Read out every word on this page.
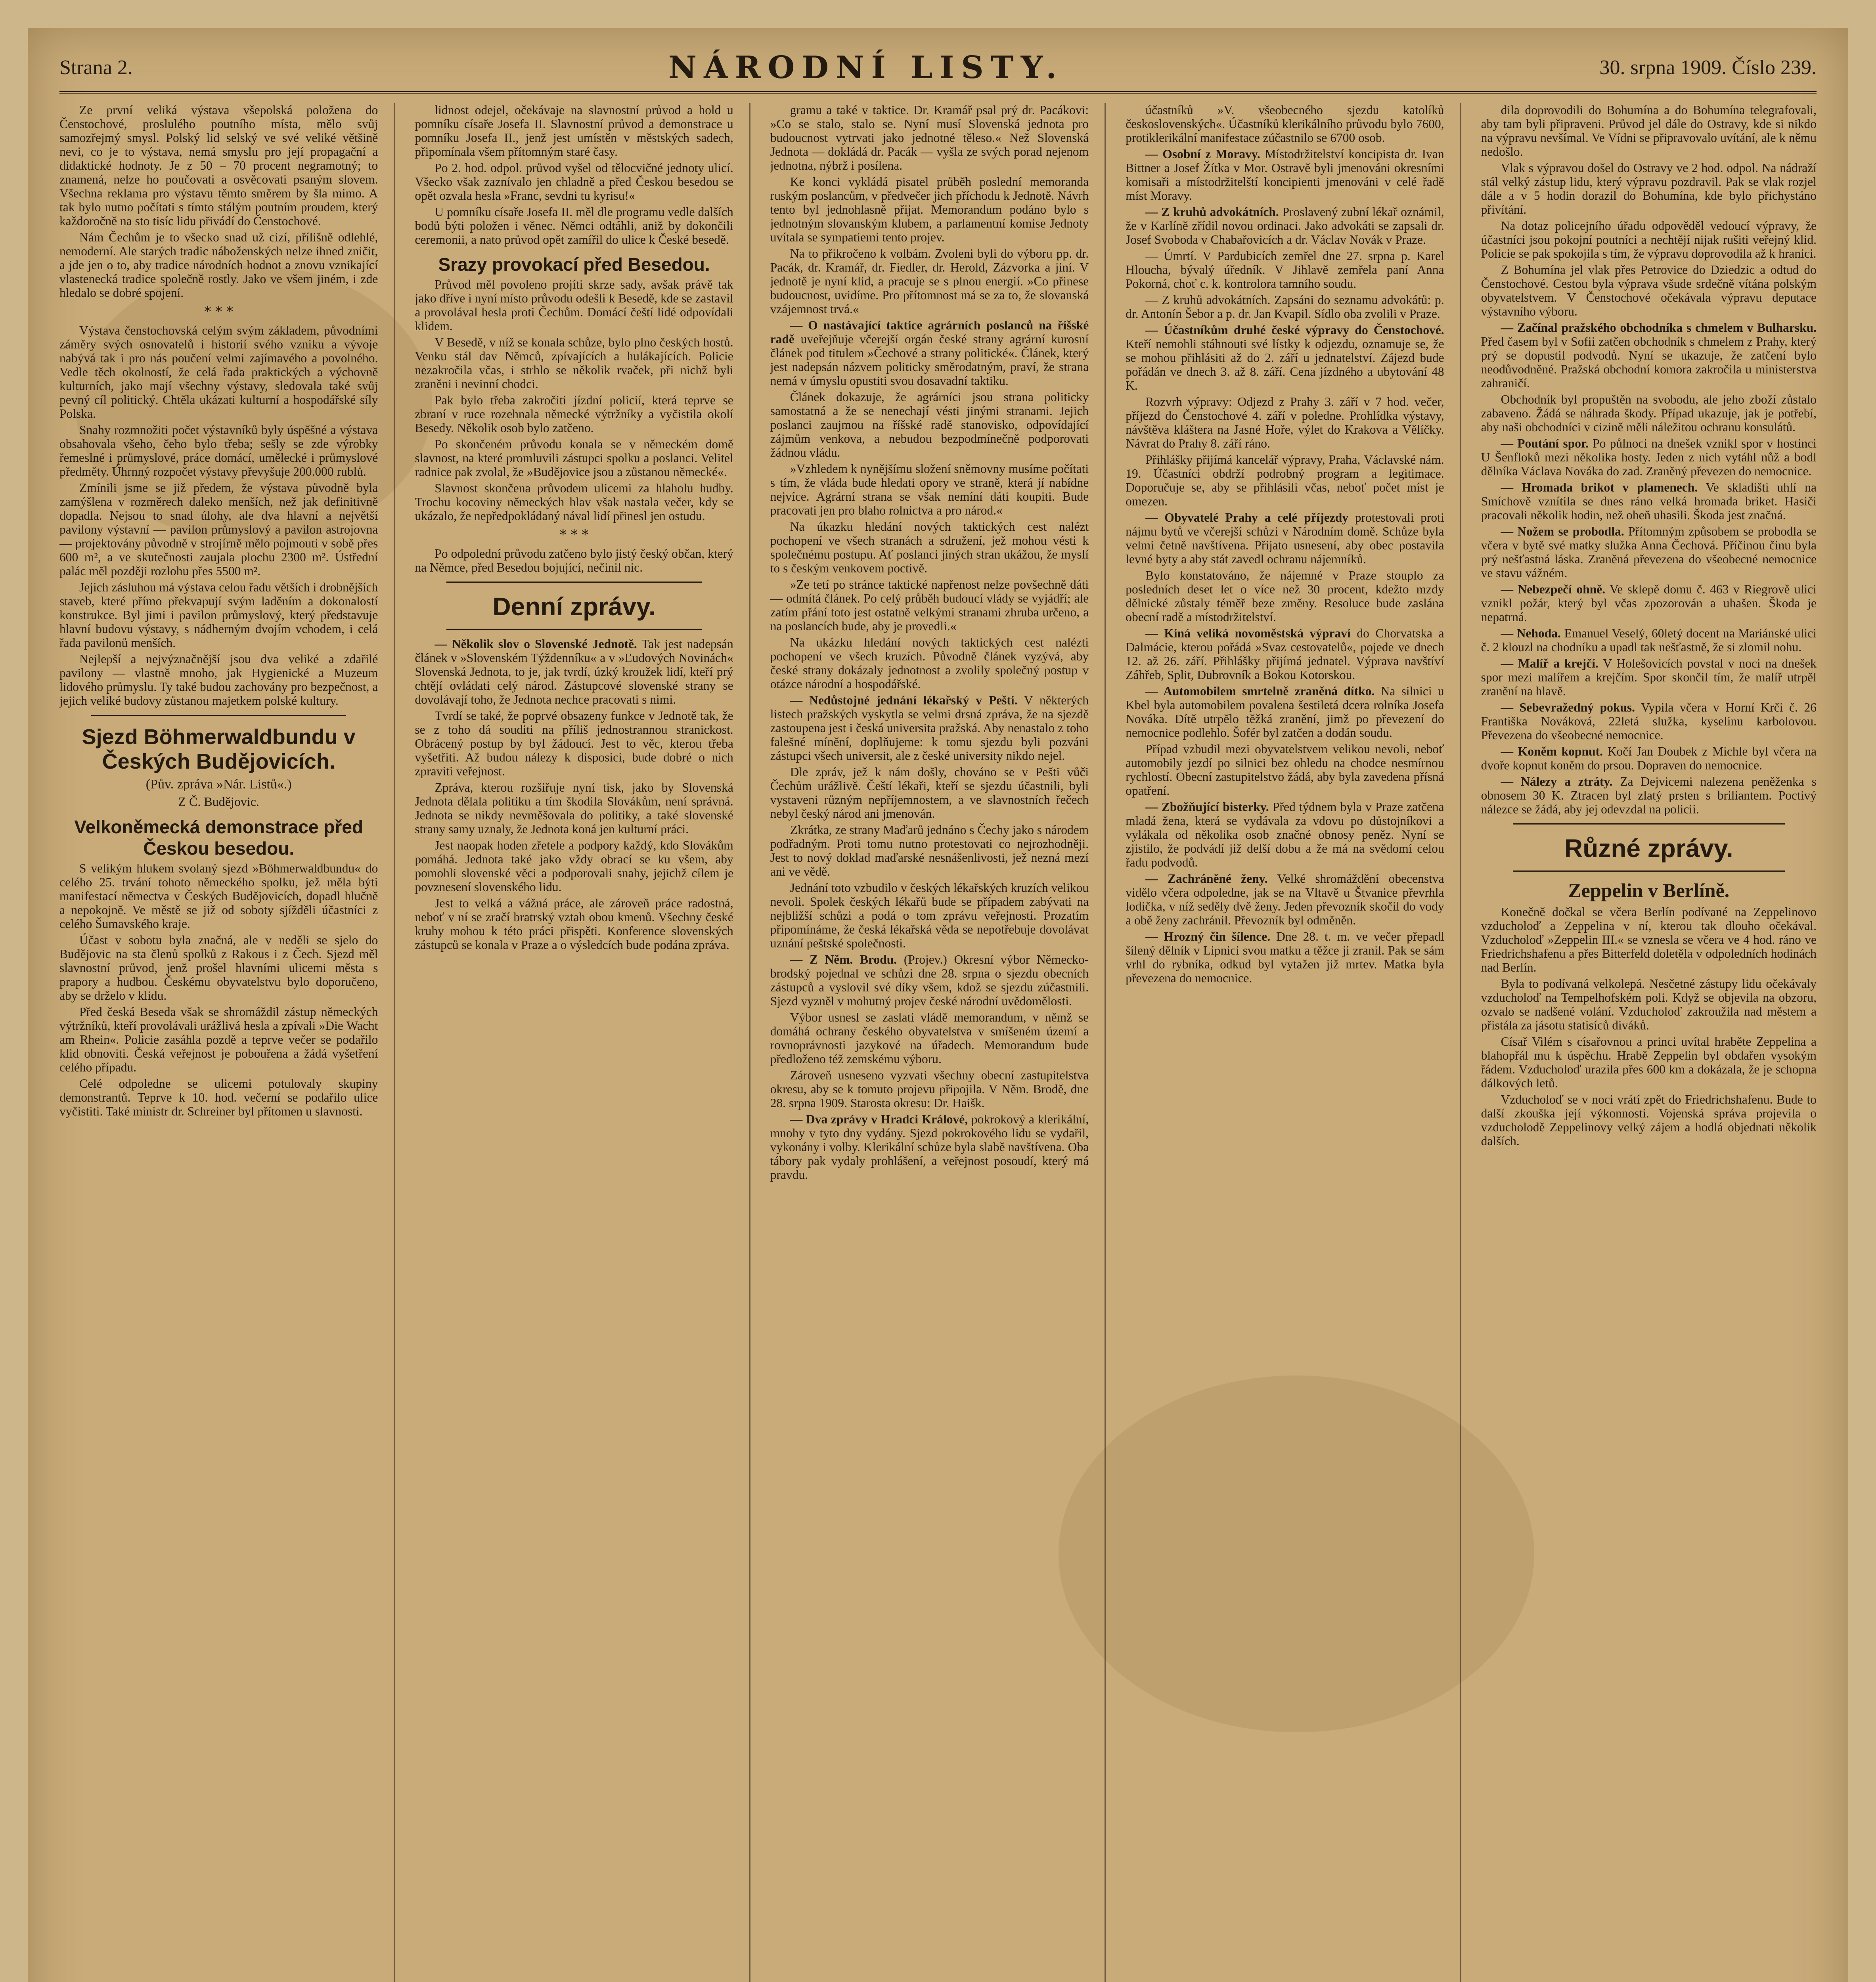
Strana 2.	NÁRODNÍ LISTY.	30. srpna 1909. Číslo 239.

Ze první veliká výstava všepolská položena do Čenstochové, proslulého poutního místa, mělo svůj samozřejmý smysl. Polský lid selský ve své veliké většině nevi, co je to výstava, nemá smyslu pro její propagační a didaktické hodnoty. Je z 50 – 70 procent negramotný; to znamená, nelze ho poučovati a osvěcovati psaným slovem. Všechna reklama pro výstavu těmto směrem by šla mimo. A tak bylo nutno počítati s tímto stálým poutním proudem, který každoročně na sto tisíc lidu přivádí do Čenstochové.

Nám Čechům je to všecko snad už cizí, přílišně odlehlé, nemoderní. Ale starých tradic náboženských nelze ihned zničit, a jde jen o to, aby tradice národních hodnot a znovu vznikající vlastenecká tradice společně rostly. Jako ve všem jiném, i zde hledalo se dobré spojení.

* * *

Výstava čenstochovská celým svým základem, původními záměry svých osnovatelů i historií svého vzniku a vývoje nabývá tak i pro nás poučení velmi zajímavého a povolného. Vedle těch okolností, že celá řada praktických a výchovně kulturních, jako mají všechny výstavy, sledovala také svůj pevný cíl politický. Chtěla ukázati kulturní a hospodářské síly Polska.

Snahy rozmnožiti počet výstavníků byly úspěšné a výstava obsahovala všeho, čeho bylo třeba; sešly se zde výrobky řemeslné i průmyslové, práce domácí, umělecké i průmyslové předměty. Úhrnný rozpočet výstavy převyšuje 200.000 rublů.

Zmínili jsme se již předem, že výstava původně byla zamýšlena v rozměrech daleko menších, než jak definitivně dopadla. Nejsou to snad úlohy, ale dva hlavní a největší pavilony výstavní — pavilon průmyslový a pavilon astrojovna — projektovány původně v strojírně mělo pojmouti v sobě přes 600 m², a ve skutečnosti zaujala plochu 2300 m². Ústřední palác měl později rozlohu přes 5500 m².

Jejich zásluhou má výstava celou řadu větších i drobnějších staveb, které přímo překvapují svým laděním a dokonalostí konstrukce. Byl jimi i pavilon průmyslový, který představuje hlavní budovu výstavy, s nádherným dvojím vchodem, i celá řada pavilonů menších.

Nejlepší a nejvýznačnější jsou dva veliké a zdařilé pavilony — vlastně mnoho, jak Hygienické a Muzeum lidového průmyslu. Ty také budou zachovány pro bezpečnost, a jejich veliké budovy zůstanou majetkem polské kultury.

Sjezd Böhmerwaldbundu v Českých Budějovicích.
(Pův. zpráva »Nár. Listů«.)
Z Č. Budějovic.
Velkoněmecká demonstrace před Českou besedou.

S velikým hlukem svolaný sjezd »Böhmerwaldbundu« do celého 25. trvání tohoto německého spolku, jež měla býti manifestací němectva v Českých Budějovicích, dopadl hlučně a nepokojně. Ve městě se již od soboty sjížděli účastníci z celého Šumavského kraje.

Účast v sobotu byla značná, ale v neděli se sjelo do Budějovic na sta členů spolků z Rakous i z Čech. Sjezd měl slavnostní průvod, jenž prošel hlavními ulicemi města s prapory a hudbou. Českému obyvatelstvu bylo doporučeno, aby se drželo v klidu.

Před česká Beseda však se shromáždil zástup německých výtržníků, kteří provolávali urážlivá hesla a zpívali »Die Wacht am Rhein«. Policie zasáhla pozdě a teprve večer se podařilo klid obnoviti. Česká veřejnost je pobouřena a žádá vyšetření celého případu.

Celé odpoledne se ulicemi potulovaly skupiny demonstrantů. Teprve k 10. hod. večerní se podařilo ulice vyčistiti. Také ministr dr. Schreiner byl přítomen u slavnosti.

lidnost odejel, očekávaje na slavnostní průvod a hold u pomníku císaře Josefa II. Slavnostní průvod a demonstrace u pomníku Josefa II., jenž jest umístěn v městských sadech, připomínala všem přítomným staré časy.

Po 2. hod. odpol. průvod vyšel od tělocvičné jednoty ulicí. Všecko však zaznívalo jen chladně a před Českou besedou se opět ozvala hesla »Franc, sevdni tu kyrisu!«

U pomníku císaře Josefa II. měl dle programu vedle dalších bodů býti položen i věnec. Němci odtáhli, aniž by dokončili ceremonii, a nato průvod opět zamířil do ulice k České besedě.

Srazy provokací před Besedou.

Průvod měl povoleno projíti skrze sady, avšak právě tak jako dříve i nyní místo průvodu odešli k Besedě, kde se zastavil a provolával hesla proti Čechům. Domácí čeští lidé odpovídali klidem.

V Besedě, v níž se konala schůze, bylo plno českých hostů. Venku stál dav Němců, zpívajících a hulákajících. Policie nezakročila včas, i strhlo se několik rvaček, při nichž byli zraněni i nevinní chodci.

Pak bylo třeba zakročiti jízdní policií, která teprve se zbraní v ruce rozehnala německé výtržníky a vyčistila okolí Besedy. Několik osob bylo zatčeno.

Po skončeném průvodu konala se v německém domě slavnost, na které promluvili zástupci spolku a poslanci. Velitel radnice pak zvolal, že »Budějovice jsou a zůstanou německé«.

Slavnost skončena průvodem ulicemi za hlaholu hudby. Trochu kocoviny německých hlav však nastala večer, kdy se ukázalo, že nepředpokládaný nával lidí přinesl jen ostudu.

* * *

Po odpolední průvodu zatčeno bylo jistý český občan, který na Němce, před Besedou bojující, nečinil nic.

Denní zprávy.

— Několik slov o Slovenské Jednotě. Tak jest nadepsán článek v »Slovenském Týždenníku« a v »Ľudových Novinách« Slovenská Jednota, to je, jak tvrdí, úzký kroužek lidí, kteří prý chtějí ovládati celý národ. Zástupcové slovenské strany se dovolávají toho, že Jednota nechce pracovati s nimi.

Tvrdí se také, že poprvé obsazeny funkce v Jednotě tak, že se z toho dá souditi na příliš jednostrannou stranickost. Obrácený postup by byl žádoucí. Jest to věc, kterou třeba vyšetřiti. Až budou nálezy k disposici, bude dobré o nich zpraviti veřejnost.

Zpráva, kterou rozšiřuje nyní tisk, jako by Slovenská Jednota dělala politiku a tím škodila Slovákům, není správná. Jednota se nikdy nevměšovala do politiky, a také slovenské strany samy uznaly, že Jednota koná jen kulturní práci.

Jest naopak hoden zřetele a podpory každý, kdo Slovákům pomáhá. Jednota také jako vždy obrací se ku všem, aby pomohli slovenské věci a podporovali snahy, jejichž cílem je povznesení slovenského lidu.

Jest to velká a vážná práce, ale zároveň práce radostná, neboť v ní se zračí bratrský vztah obou kmenů. Všechny české kruhy mohou k této práci přispěti. Konference slovenských zástupců se konala v Praze a o výsledcích bude podána zpráva.

gramu a také v taktice. Dr. Kramář psal prý dr. Pacákovi: »Co se stalo, stalo se. Nyní musí Slovenská jednota pro budoucnost vytrvati jako jednotné těleso.« Než Slovenská Jednota — dokládá dr. Pacák — vyšla ze svých porad nejenom jednotna, nýbrž i posílena.

Ke konci vykládá pisatel průběh poslední memoranda ruským poslancům, v předvečer jich příchodu k Jednotě. Návrh tento byl jednohlasně přijat. Memorandum podáno bylo s jednotným slovanským klubem, a parlamentní komise Jednoty uvítala se sympatiemi tento projev.

Na to přikročeno k volbám. Zvoleni byli do výboru pp. dr. Pacák, dr. Kramář, dr. Fiedler, dr. Herold, Zázvorka a jiní. V jednotě je nyní klid, a pracuje se s plnou energií. »Co přinese budoucnost, uvidíme. Pro přítomnost má se za to, že slovanská vzájemnost trvá.«

— O nastávající taktice agrárních poslanců na říšské radě uveřejňuje včerejší orgán české strany agrární kurosní článek pod titulem »Čechové a strany politické«. Článek, který jest nadepsán názvem politicky směrodatným, praví, že strana nemá v úmyslu opustiti svou dosavadní taktiku.

Článek dokazuje, že agrárníci jsou strana politicky samostatná a že se nenechají vésti jinými stranami. Jejich poslanci zaujmou na říšské radě stanovisko, odpovídající zájmům venkova, a nebudou bezpodmínečně podporovati žádnou vládu.

»Vzhledem k nynějšímu složení sněmovny musíme počítati s tím, že vláda bude hledati opory ve straně, která jí nabídne nejvíce. Agrární strana se však nemíní dáti koupiti. Bude pracovati jen pro blaho rolnictva a pro národ.«

Na úkazku hledání nových taktických cest nalézt pochopení ve všech stranách a sdružení, jež mohou vésti k společnému postupu. Ať poslanci jiných stran ukážou, že myslí to s českým venkovem poctivě.

»Ze tetí po stránce taktické napřenost nelze povšechně dáti — odmítá článek. Po celý průběh budoucí vlády se vyjádří; ale zatím přání toto jest ostatně velkými stranami zhruba určeno, a na poslancích bude, aby je provedli.«

Na ukázku hledání nových taktických cest nalézti pochopení ve všech kruzích. Původně článek vyzývá, aby české strany dokázaly jednotnost a zvolily společný postup v otázce národní a hospodářské.

— Nedůstojné jednání lékařský v Pešti. V některých listech pražských vyskytla se velmi drsná zpráva, že na sjezdě zastoupena jest i česká universita pražská. Aby nenastalo z toho falešné mínění, doplňujeme: k tomu sjezdu byli pozváni zástupci všech universit, ale z české university nikdo nejel.

Dle zpráv, jež k nám došly, chováno se v Pešti vůči Čechům urážlivě. Čeští lékaři, kteří se sjezdu účastnili, byli vystaveni různým nepříjemnostem, a ve slavnostních řečech nebyl český národ ani jmenován.

Zkrátka, ze strany Maďarů jednáno s Čechy jako s národem podřadným. Proti tomu nutno protestovati co nejrozhodněji. Jest to nový doklad maďarské nesnášenlivosti, jež nezná mezí ani ve vědě.

Jednání toto vzbudilo v českých lékařských kruzích velikou nevoli. Spolek českých lékařů bude se případem zabývati na nejbližší schůzi a podá o tom zprávu veřejnosti. Prozatím připomínáme, že česká lékařská věda se nepotřebuje dovolávat uznání peštské společnosti.

— Z Něm. Brodu. (Projev.) Okresní výbor Německo-brodský pojednal ve schůzi dne 28. srpna o sjezdu obecních zástupců a vyslovil své díky všem, kdož se sjezdu zúčastnili. Sjezd vyzněl v mohutný projev české národní uvědomělosti.

Výbor usnesl se zaslati vládě memorandum, v němž se domáhá ochrany českého obyvatelstva v smíšeném území a rovnoprávnosti jazykové na úřadech. Memorandum bude předloženo též zemskému výboru.

Zároveň usneseno vyzvati všechny obecní zastupitelstva okresu, aby se k tomuto projevu připojila. V Něm. Brodě, dne 28. srpna 1909. Starosta okresu: Dr. Haišk.

— Dva zprávy v Hradci Králové, pokrokový a klerikální, mnohy v tyto dny vydány. Sjezd pokrokového lidu se vydařil, vykonány i volby. Klerikální schůze byla slabě navštívena. Oba tábory pak vydaly prohlášení, a veřejnost posoudí, který má pravdu.

účastníků »V. všeobecného sjezdu katolíků československých«. Účastníků klerikálního průvodu bylo 7600, protiklerikální manifestace zúčastnilo se 6700 osob.

— Osobní z Moravy. Místodržitelství koncipista dr. Ivan Bittner a Josef Žítka v Mor. Ostravě byli jmenováni okresními komisaři a místodržitelští koncipienti jmenováni v celé řadě míst Moravy.

— Z kruhů advokátních. Proslavený zubní lékař oznámil, že v Karlíně zřídil novou ordinaci. Jako advokáti se zapsali dr. Josef Svoboda v Chabařovicích a dr. Václav Novák v Praze.

— Úmrtí. V Pardubicích zemřel dne 27. srpna p. Karel Hloucha, bývalý úředník. V Jihlavě zemřela paní Anna Pokorná, choť c. k. kontrolora tamního soudu.

— Z kruhů advokátních. Zapsáni do seznamu advokátů: p. dr. Antonín Šebor a p. dr. Jan Kvapil. Sídlo oba zvolili v Praze.

— Účastníkům druhé české výpravy do Čenstochové. Kteří nemohli stáhnouti své lístky k odjezdu, oznamuje se, že se mohou přihlásiti až do 2. září u jednatelství. Zájezd bude pořádán ve dnech 3. až 8. září. Cena jízdného a ubytování 48 K.

Rozvrh výpravy: Odjezd z Prahy 3. září v 7 hod. večer, příjezd do Čenstochové 4. září v poledne. Prohlídka výstavy, návštěva kláštera na Jasné Hoře, výlet do Krakova a Vělíčky. Návrat do Prahy 8. září ráno.

Přihlášky přijímá kancelář výpravy, Praha, Václavské nám. 19. Účastníci obdrží podrobný program a legitimace. Doporučuje se, aby se přihlásili včas, neboť počet míst je omezen.

— Obyvatelé Prahy a celé příjezdy protestovali proti nájmu bytů ve včerejší schůzi v Národním domě. Schůze byla velmi četně navštívena. Přijato usnesení, aby obec postavila levné byty a aby stát zavedl ochranu nájemníků.

Bylo konstatováno, že nájemné v Praze stouplo za posledních deset let o více než 30 procent, kdežto mzdy dělnické zůstaly téměř beze změny. Resoluce bude zaslána obecní radě a místodržitelství.

— Kiná veliká novoměstská výpraví do Chorvatska a Dalmácie, kterou pořádá »Svaz cestovatelů«, pojede ve dnech 12. až 26. září. Přihlášky přijímá jednatel. Výprava navštíví Záhřeb, Split, Dubrovník a Bokou Kotorskou.

— Automobilem smrtelně zraněná dítko. Na silnici u Kbel byla automobilem povalena šestiletá dcera rolníka Josefa Nováka. Dítě utrpělo těžká zranění, jimž po převezení do nemocnice podlehlo. Šofér byl zatčen a dodán soudu.

Případ vzbudil mezi obyvatelstvem velikou nevoli, neboť automobily jezdí po silnici bez ohledu na chodce nesmírnou rychlostí. Obecní zastupitelstvo žádá, aby byla zavedena přísná opatření.

— Zbožňující bisterky. Před týdnem byla v Praze zatčena mladá žena, která se vydávala za vdovu po důstojníkovi a vylákala od několika osob značné obnosy peněz. Nyní se zjistilo, že podvádí již delší dobu a že má na svědomí celou řadu podvodů.

— Zachráněné ženy. Velké shromáždění obecenstva vidělo včera odpoledne, jak se na Vltavě u Štvanice převrhla lodička, v níž seděly dvě ženy. Jeden převozník skočil do vody a obě ženy zachránil. Převozník byl odměněn.

— Hrozný čin šílence. Dne 28. t. m. ve večer přepadl šílený dělník v Lipnici svou matku a těžce ji zranil. Pak se sám vrhl do rybníka, odkud byl vytažen již mrtev. Matka byla převezena do nemocnice.

dila doprovodili do Bohumína a do Bohumína telegrafovali, aby tam byli připraveni. Průvod jel dále do Ostravy, kde si nikdo na výpravu nevšímal. Ve Vídni se připravovalo uvítání, ale k němu nedošlo.

Vlak s výpravou došel do Ostravy ve 2 hod. odpol. Na nádraží stál velký zástup lidu, který výpravu pozdravil. Pak se vlak rozjel dále a v 5 hodin dorazil do Bohumína, kde bylo přichystáno přivítání.

Na dotaz policejního úřadu odpověděl vedoucí výpravy, že účastníci jsou pokojní poutníci a nechtějí nijak rušiti veřejný klid. Policie se pak spokojila s tím, že výpravu doprovodila až k hranici.

Z Bohumína jel vlak přes Petrovice do Dziedzic a odtud do Čenstochové. Cestou byla výprava všude srdečně vítána polským obyvatelstvem. V Čenstochové očekávala výpravu deputace výstavního výboru.

— Začínal pražského obchodníka s chmelem v Bulharsku. Před časem byl v Sofii zatčen obchodník s chmelem z Prahy, který prý se dopustil podvodů. Nyní se ukazuje, že zatčení bylo neodůvodněné. Pražská obchodní komora zakročila u ministerstva zahraničí.

Obchodník byl propuštěn na svobodu, ale jeho zboží zůstalo zabaveno. Žádá se náhrada škody. Případ ukazuje, jak je potřebí, aby naši obchodníci v cizině měli náležitou ochranu konsulátů.

— Poutání spor. Po půlnoci na dnešek vznikl spor v hostinci U Šenfloků mezi několika hosty. Jeden z nich vytáhl nůž a bodl dělníka Václava Nováka do zad. Zraněný převezen do nemocnice.

— Hromada brikot v plamenech. Ve skladišti uhlí na Smíchově vznítila se dnes ráno velká hromada briket. Hasiči pracovali několik hodin, než oheň uhasili. Škoda jest značná.

— Nožem se probodla. Přítomným způsobem se probodla se včera v bytě své matky služka Anna Čechová. Příčinou činu byla prý nešťastná láska. Zraněná převezena do všeobecné nemocnice ve stavu vážném.

— Nebezpečí ohně. Ve sklepě domu č. 463 v Riegrově ulici vznikl požár, který byl včas zpozorován a uhašen. Škoda je nepatrná.

— Nehoda. Emanuel Veselý, 60letý docent na Mariánské ulici č. 2 klouzl na chodníku a upadl tak nešťastně, že si zlomil nohu.

— Malíř a krejčí. V Holešovicích povstal v noci na dnešek spor mezi malířem a krejčím. Spor skončil tím, že malíř utrpěl zranění na hlavě.

— Sebevražedný pokus. Vypila včera v Horní Krči č. 26 Františka Nováková, 22letá služka, kyselinu karbolovou. Převezena do všeobecné nemocnice.

— Koněm kopnut. Kočí Jan Doubek z Michle byl včera na dvoře kopnut koněm do prsou. Dopraven do nemocnice.

— Nálezy a ztráty. Za Dejvicemi nalezena peněženka s obnosem 30 K. Ztracen byl zlatý prsten s briliantem. Poctivý nálezce se žádá, aby jej odevzdal na policii.

Různé zprávy.
Zeppelin v Berlíně.

Konečně dočkal se včera Berlín podívané na Zeppelinovo vzducholoď a Zeppelina v ní, kterou tak dlouho očekával. Vzducholoď »Zeppelin III.« se vznesla se včera ve 4 hod. ráno ve Friedrichshafenu a přes Bitterfeld doletěla v odpoledních hodinách nad Berlín.

Byla to podívaná velkolepá. Nesčetné zástupy lidu očekávaly vzducholoď na Tempelhofském poli. Když se objevila na obzoru, ozvalo se nadšené volání. Vzducholoď zakroužila nad městem a přistála za jásotu statisíců diváků.

Císař Vilém s císařovnou a princi uvítal hraběte Zeppelina a blahopřál mu k úspěchu. Hrabě Zeppelin byl obdařen vysokým řádem. Vzducholoď urazila přes 600 km a dokázala, že je schopna dálkových letů.

Vzducholoď se v noci vrátí zpět do Friedrichshafenu. Bude to další zkouška její výkonnosti. Vojenská správa projevila o vzducholodě Zeppelinovy velký zájem a hodlá objednati několik dalších.
